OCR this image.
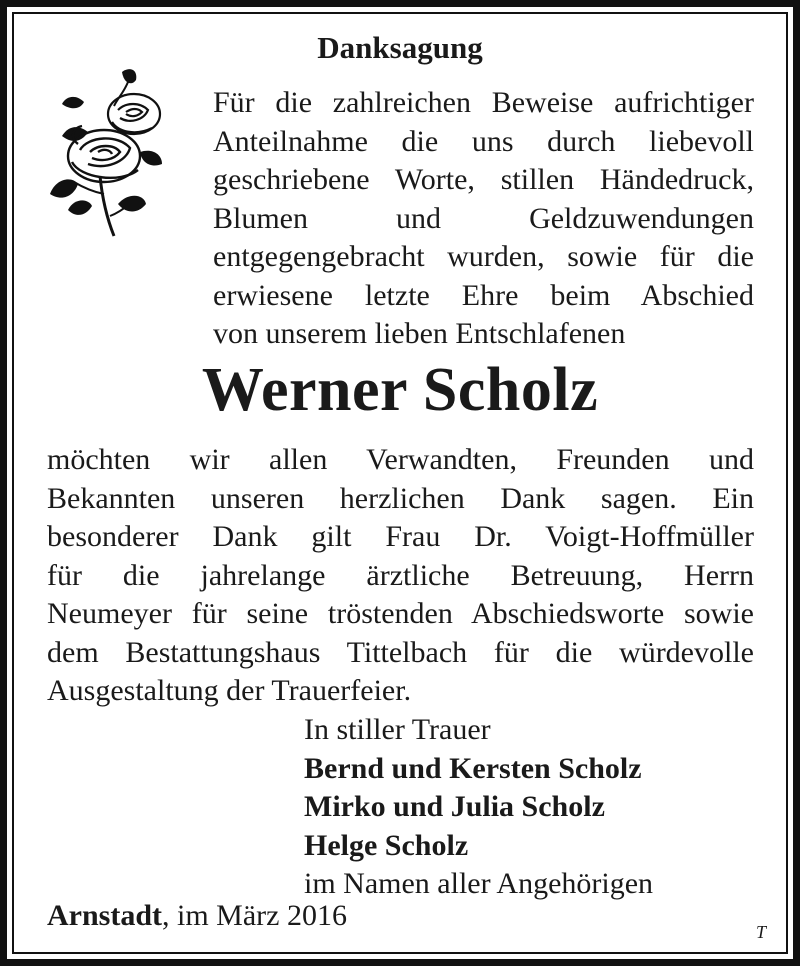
Danksagung
Für die zahlreichen Beweise aufrichtiger
Anteilnahme die uns durch liebevoll
geschriebene Worte, stillen Händedruck,
Blumen und Geldzuwendungen
entgegengebracht wurden, sowie für die
erwiesene letzte Ehre beim Abschied
von unserem lieben Entschlafenen
Werner Scholz
möchten wir allen Verwandten, Freunden und
Bekannten unseren herzlichen Dank sagen. Ein
besonderer Dank gilt Frau Dr. Voigt-Hoffmüller
für die jahrelange ärztliche Betreuung, Herrn
Neumeyer für seine tröstenden Abschiedsworte sowie
dem Bestattungshaus Tittelbach für die würdevolle
Ausgestaltung der Trauerfeier.
In stiller Trauer
Bernd und Kersten Scholz
Mirko und Julia Scholz
Helge Scholz
im Namen aller Angehörigen
Arnstadt, im März 2016	T
